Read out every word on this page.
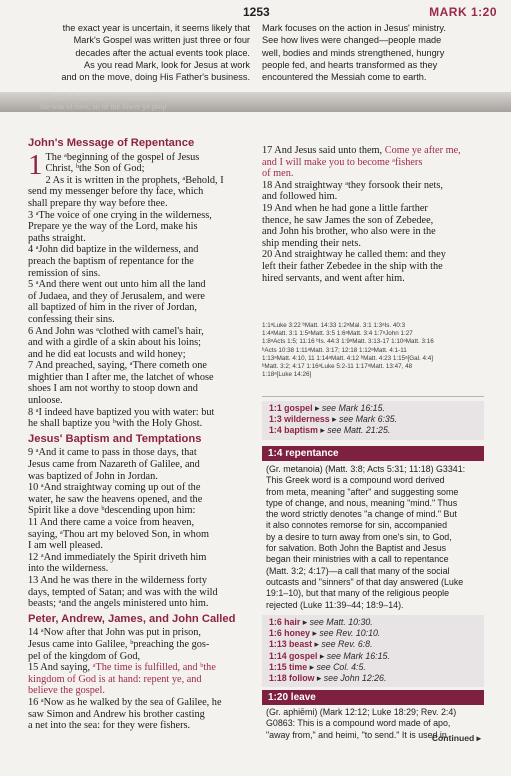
1253	MARK 1:20

the exact year is uncertain, it seems likely that

Mark's Gospel was written just three or four

decades after the actual events took place.

As you read Mark, look for Jesus at work

and on the move, doing His Father's business.

Mark focuses on the action in Jesus' ministry.

See how lives were changed—people made

well, bodies and minds strengthened, hungry

people fed, and hearts transformed as they

encountered the Messiah come to earth.

287 and of even, whom the ain hat. tho
the was of love, so of the lower ye prop
John's Message of Repentance
1 The ᵃbeginning of the gospel of Jesus
Christ, ᵇthe Son of God;
2 As it is written in the prophets, ᵃBehold, I
send my messenger before thy face, which
shall prepare thy way before thee.
3 ᵃThe voice of one crying in the wilderness,
Prepare ye the way of the Lord, make his
paths straight.
4 ᵃJohn did baptize in the wilderness, and
preach the baptism of repentance for the
remission of sins.
5 ᵃAnd there went out unto him all the land
of Judaea, and they of Jerusalem, and were
all baptized of him in the river of Jordan,
confessing their sins.
6 And John was ᵃclothed with camel's hair,
and with a girdle of a skin about his loins;
and he did eat locusts and wild honey;
7 And preached, saying, ᵃThere cometh one
mightier than I after me, the latchet of whose
shoes I am not worthy to stoop down and
unloose.
8 ᵃI indeed have baptized you with water: but
he shall baptize you ᵇwith the Holy Ghost.
Jesus' Baptism and Temptations
9 ᵃAnd it came to pass in those days, that
Jesus came from Nazareth of Galilee, and
was baptized of John in Jordan.
10 ᵃAnd straightway coming up out of the
water, he saw the heavens opened, and the
Spirit like a dove ᵇdescending upon him:
11 And there came a voice from heaven,
saying, ᵃThou art my beloved Son, in whom
I am well pleased.
12 ᵃAnd immediately the Spirit driveth him
into the wilderness.
13 And he was there in the wilderness forty
days, tempted of Satan; and was with the wild
beasts; ᵃand the angels ministered unto him.
Peter, Andrew, James, and John Called
14 ᵃNow after that John was put in prison,
Jesus came into Galilee, ᵇpreaching the gos-
pel of the kingdom of God,
15 And saying, ᵃThe time is fulfilled, and ᵇthe
kingdom of God is at hand: repent ye, and
believe the gospel.
16 ᵃNow as he walked by the sea of Galilee, he
saw Simon and Andrew his brother casting
a net into the sea: for they were fishers.
17 And Jesus said unto them, Come ye after me,
and I will make you to become ᵃfishers
of men.
18 And straightway ᵃthey forsook their nets,
and followed him.
19 And when he had gone a little farther
thence, he saw James the son of Zebedee,
and John his brother, who also were in the
ship mending their nets.
20 And straightway he called them: and they
left their father Zebedee in the ship with the
hired servants, and went after him.
1:1ᵃLuke 3:22 ᵇMatt. 14:33 1:2ᵃMal. 3:1 1:3ᵃIs. 40:3
1:4ᵃMatt. 3:1 1:5ᵃMatt. 3:5 1:6ᵃMatt. 3:4 1:7ᵃJohn 1:27
1:8ᵃActs 1:5; 11:16 ᵇIs. 44:3 1:9ᵃMatt. 3:13-17 1:10ᵃMatt. 3:16
ᵇActs 10:38 1:11ᵃMatt. 3:17; 12:18 1:12ᵃMatt. 4:1-11
1:13ᵃMatt. 4:10, 11 1:14ᵃMatt. 4:12 ᵇMatt. 4:23 1:15ᵃ[Gal. 4:4]
ᵇMatt. 3:2; 4:17 1:16ᵃLuke 5:2-11 1:17ᵃMatt. 13:47, 48
1:18ᵃ[Luke 14:26]
1:1 gospel ▸ see Mark 16:15.
1:3 wilderness ▸ see Mark 6:35.
1:4 baptism ▸ see Matt. 21:25.
1:4 repentance
(Gr. metanoia) (Matt. 3:8; Acts 5:31; 11:18) G3341:
This Greek word is a compound word derived
from meta, meaning "after" and suggesting some
type of change, and nous, meaning "mind." Thus
the word strictly denotes "a change of mind." But
it also connotes remorse for sin, accompanied
by a desire to turn away from one's sin, to God,
for salvation. Both John the Baptist and Jesus
began their ministries with a call to repentance
(Matt. 3:2; 4:17)—a call that many of the social
outcasts and "sinners" of that day answered (Luke
19:1–10), but that many of the religious people
rejected (Luke 11:39–44; 18:9–14).
1:6 hair ▸ see Matt. 10:30.
1:6 honey ▸ see Rev. 10:10.
1:13 beast ▸ see Rev. 6:8.
1:14 gospel ▸ see Mark 16:15.
1:15 time ▸ see Col. 4:5.
1:18 follow ▸ see John 12:26.
1:20 leave
(Gr. aphiēmi) (Mark 12:12; Luke 18:29; Rev. 2:4)
G0863: This is a compound word made of apo,
"away from," and heimi, "to send." It is used in
Continued ▸
